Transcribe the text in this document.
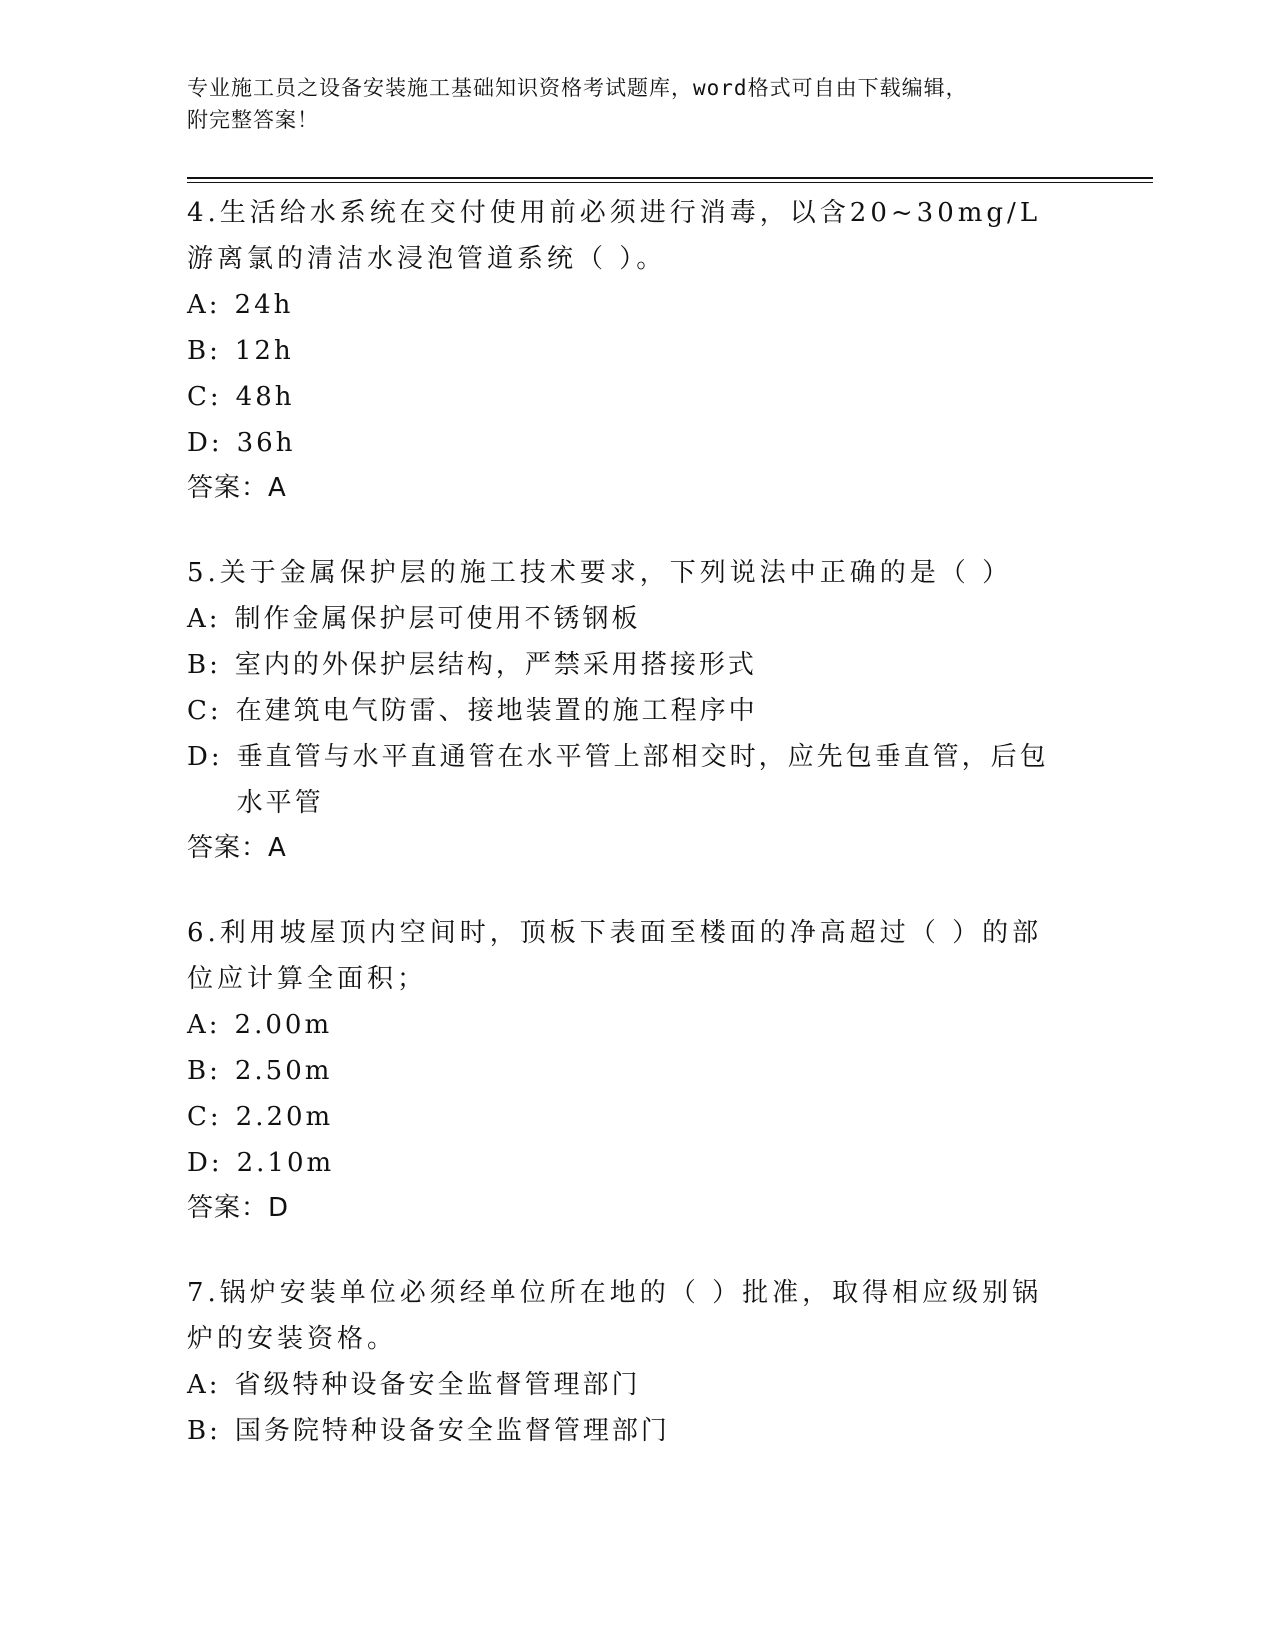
专业施工员之设备安装施工基础知识资格考试题库，word格式可自由下载编辑，
附完整答案！

4.生活给水系统在交付使用前必须进行消毒，以含20~30mg/L游离氯的清洁水浸泡管道系统（ ）。

A: 24h
B: 12h
C: 48h
D: 36h
答案：A

5.关于金属保护层的施工技术要求，下列说法中正确的是（ ）

A: 制作金属保护层可使用不锈钢板
B: 室内的外保护层结构，严禁采用搭接形式
C: 在建筑电气防雷、接地装置的施工程序中
D: 垂直管与水平直通管在水平管上部相交时，应先包垂直管，后包水平管
答案：A

6.利用坡屋顶内空间时，顶板下表面至楼面的净高超过（ ）的部位应计算全面积；

A: 2.00m
B: 2.50m
C: 2.20m
D: 2.10m
答案：D

7.锅炉安装单位必须经单位所在地的（ ）批准，取得相应级别锅炉的安装资格。

A: 省级特种设备安全监督管理部门
B: 国务院特种设备安全监督管理部门
